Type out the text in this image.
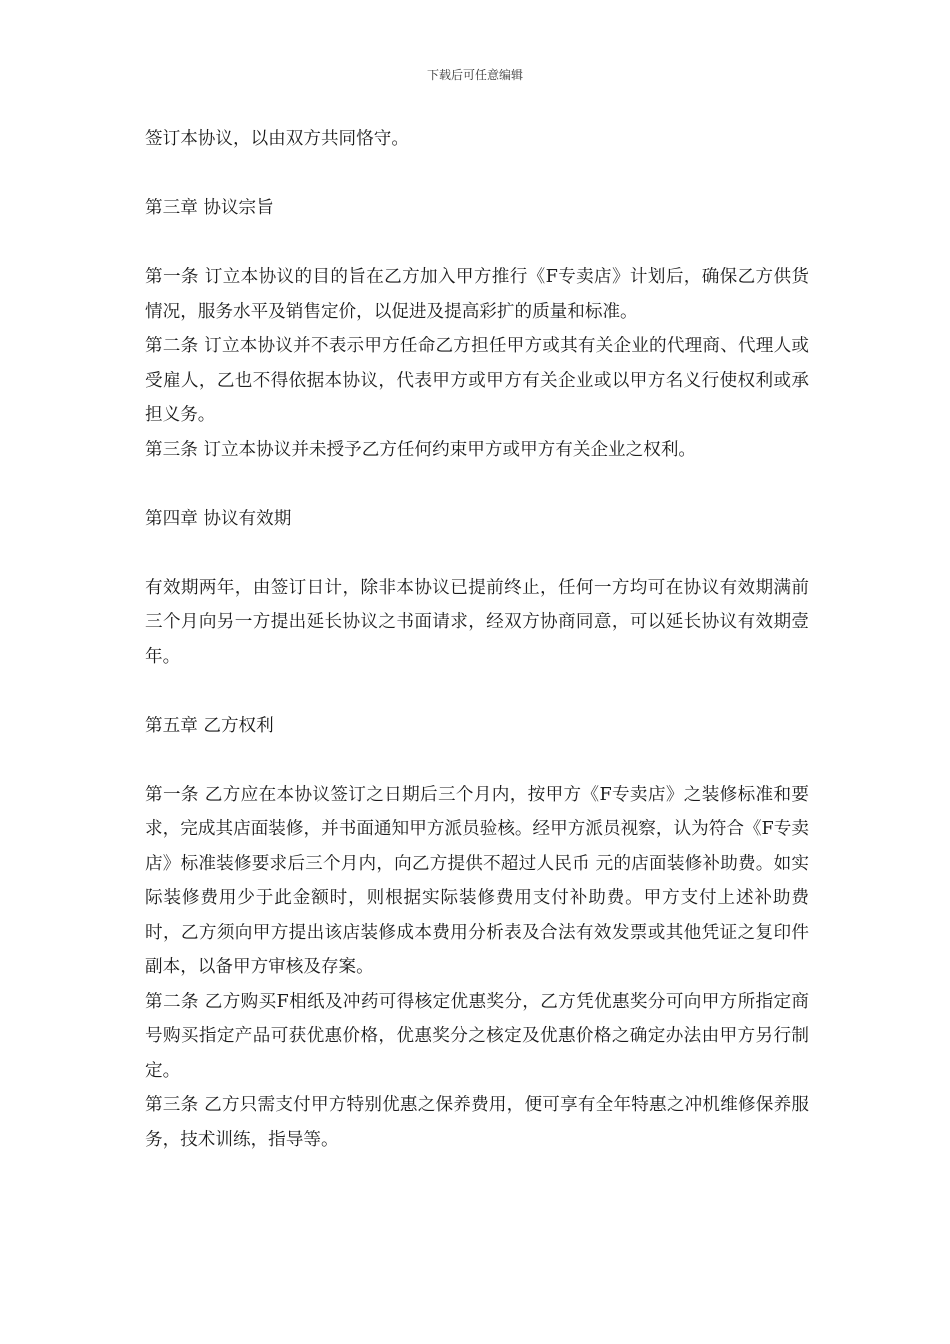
下载后可任意编辑

签订本协议，以由双方共同恪守。

第三章 协议宗旨

第一条 订立本协议的目的旨在乙方加入甲方推行《F专卖店》计划后，确保乙方供货情况，服务水平及销售定价，以促进及提高彩扩的质量和标准。

第二条 订立本协议并不表示甲方任命乙方担任甲方或其有关企业的代理商、代理人或受雇人，乙也不得依据本协议，代表甲方或甲方有关企业或以甲方名义行使权利或承担义务。

第三条 订立本协议并未授予乙方任何约束甲方或甲方有关企业之权利。

第四章 协议有效期

有效期两年，由签订日计，除非本协议已提前终止，任何一方均可在协议有效期满前三个月向另一方提出延长协议之书面请求，经双方协商同意，可以延长协议有效期壹年。

第五章 乙方权利

第一条 乙方应在本协议签订之日期后三个月内，按甲方《F专卖店》之装修标准和要求，完成其店面装修，并书面通知甲方派员验核。经甲方派员视察，认为符合《F专卖店》标准装修要求后三个月内，向乙方提供不超过人民币 元的店面装修补助费。如实际装修费用少于此金额时，则根据实际装修费用支付补助费。甲方支付上述补助费时，乙方须向甲方提出该店装修成本费用分析表及合法有效发票或其他凭证之复印件副本，以备甲方审核及存案。

第二条 乙方购买F相纸及冲药可得核定优惠奖分，乙方凭优惠奖分可向甲方所指定商号购买指定产品可获优惠价格，优惠奖分之核定及优惠价格之确定办法由甲方另行制定。

第三条 乙方只需支付甲方特别优惠之保养费用，便可享有全年特惠之冲机维修保养服务，技术训练，指导等。
